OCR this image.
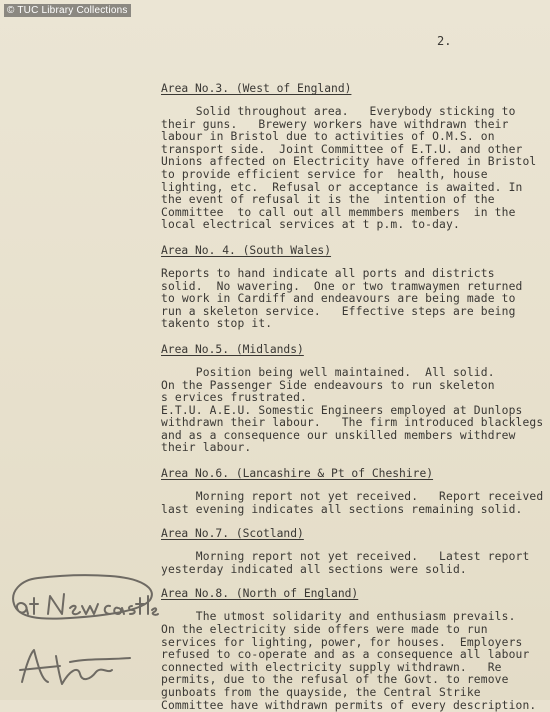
© TUC Library Collections
2.
Area No.3. (West of England)
Solid throughout area.   Everybody sticking to
their guns.   Brewery workers have withdrawn their
labour in Bristol due to activities of O.M.S. on
transport side.  Joint Committee of E.T.U. and other
Unions affected on Electricity have offered in Bristol
to provide efficient service for  health, house
lighting, etc.  Refusal or acceptance is awaited. In
the event of refusal it is the  intention of the
Committee  to call out all memmbers members  in the
local electrical services at t p.m. to-day.
Area No. 4. (South Wales)
Reports to hand indicate all ports and districts
solid.  No wavering.  One or two tramwaymen returned
to work in Cardiff and endeavours are being made to
run a skeleton service.   Effective steps are being
takento stop it.
Area No.5. (Midlands)
Position being well maintained.  All solid.
On the Passenger Side endeavours to run skeleton
s ervices frustrated.
E.T.U. A.E.U. Somestic Engineers employed at Dunlops
withdrawn their labour.   The firm introduced blacklegs
and as a consequence our unskilled members withdrew
their labour.
Area No.6. (Lancashire & Pt of Cheshire)
Morning report not yet received.   Report received
last evening indicates all sections remaining solid.
Area No.7. (Scotland)
Morning report not yet received.   Latest report
yesterday indicated all sections were solid.
Area No.8. (North of England)
The utmost solidarity and enthusiasm prevails.
On the electricity side offers were made to run
services for lighting, power, for houses.  Employers
refused to co-operate and as a consequence all labour
connected with electricity supply withdrawn.   Re
permits, due to the refusal of the Govt. to remove
gunboats from the quayside, the Central Strike
Committee have withdrawn permits of every description.
